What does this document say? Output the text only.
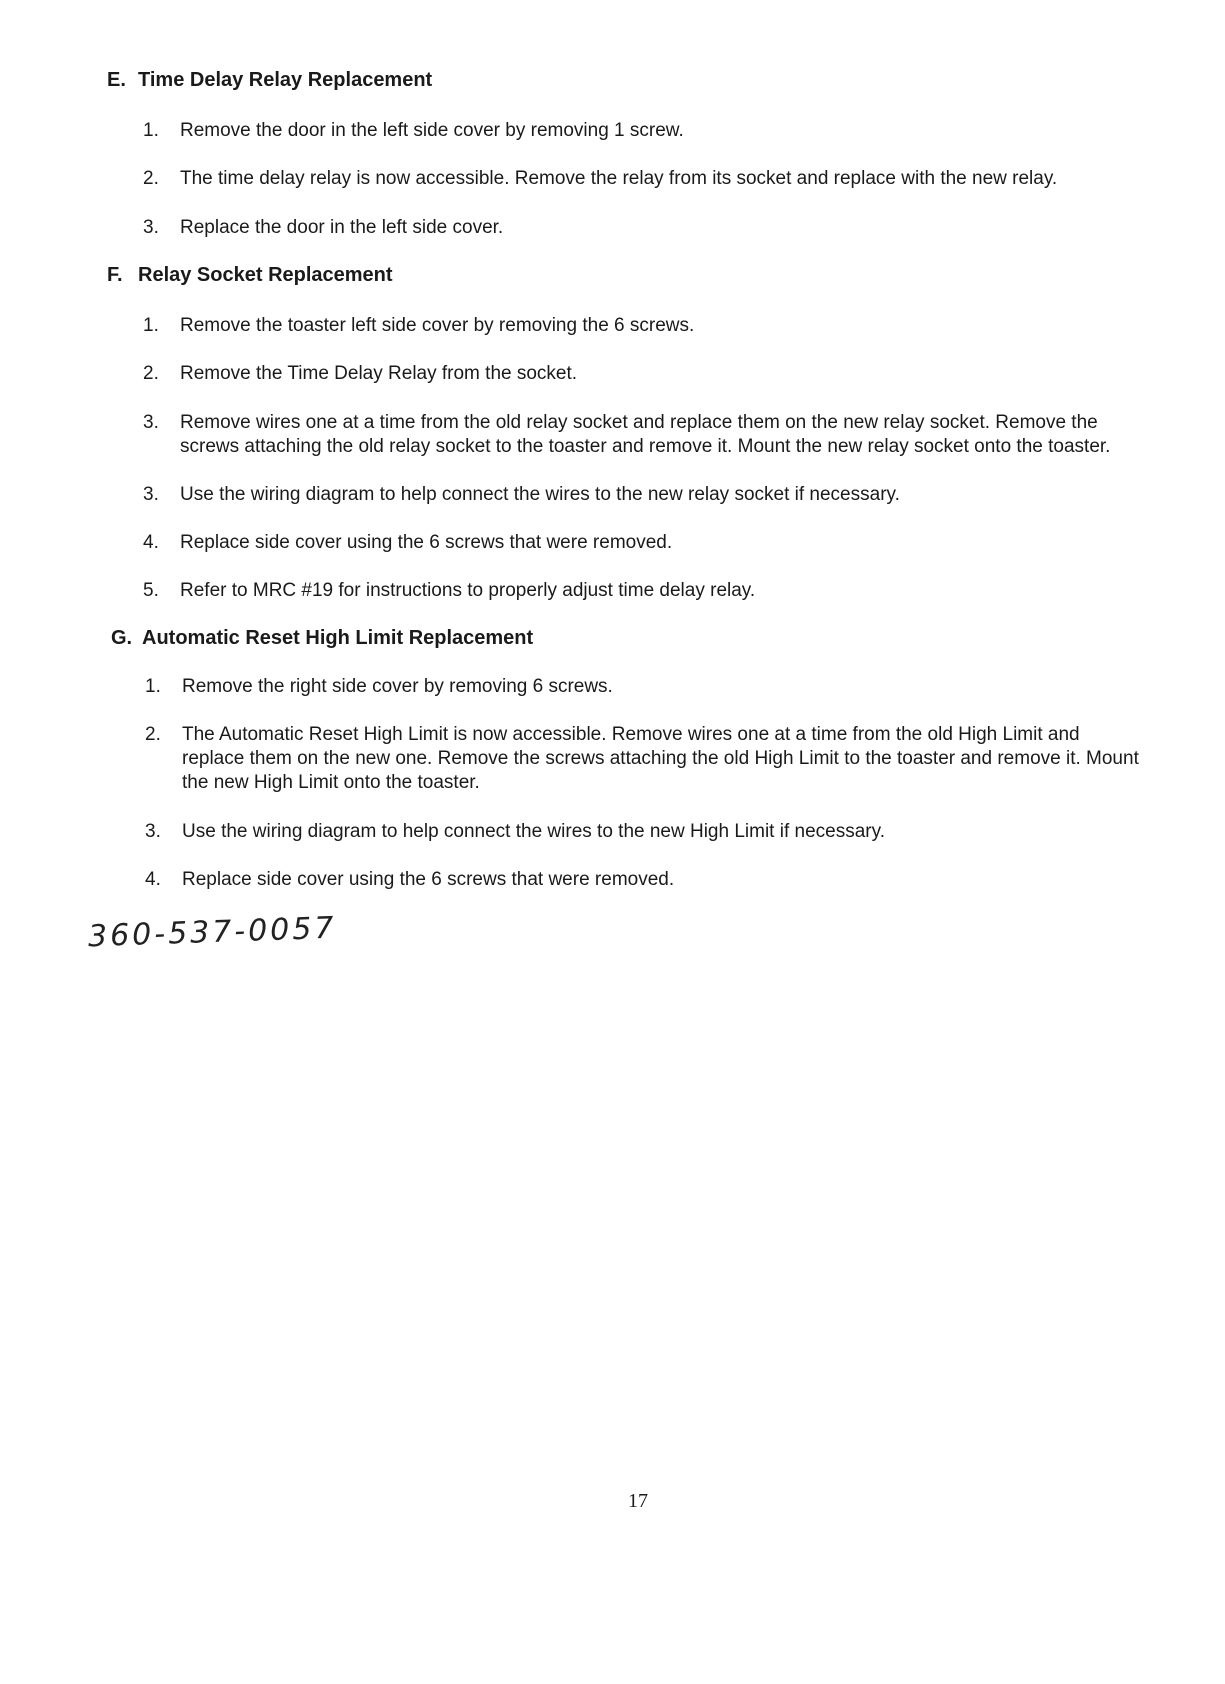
E. Time Delay Relay Replacement
1. Remove the door in the left side cover by removing 1 screw.
2. The time delay relay is now accessible. Remove the relay from its socket and replace with the new relay.
3. Replace the door in the left side cover.
F. Relay Socket Replacement
1. Remove the toaster left side cover by removing the 6 screws.
2. Remove the Time Delay Relay from the socket.
3. Remove wires one at a time from the old relay socket and replace them on the new relay socket. Remove the screws attaching the old relay socket to the toaster and remove it. Mount the new relay socket onto the toaster.
3. Use the wiring diagram to help connect the wires to the new relay socket if necessary.
4. Replace side cover using the 6 screws that were removed.
5. Refer to MRC #19 for instructions to properly adjust time delay relay.
G. Automatic Reset High Limit Replacement
1. Remove the right side cover by removing 6 screws.
2. The Automatic Reset High Limit is now accessible. Remove wires one at a time from the old High Limit and replace them on the new one. Remove the screws attaching the old High Limit to the toaster and remove it. Mount the new High Limit onto the toaster.
3. Use the wiring diagram to help connect the wires to the new High Limit if necessary.
4. Replace side cover using the 6 screws that were removed.
360-537-0057
17
